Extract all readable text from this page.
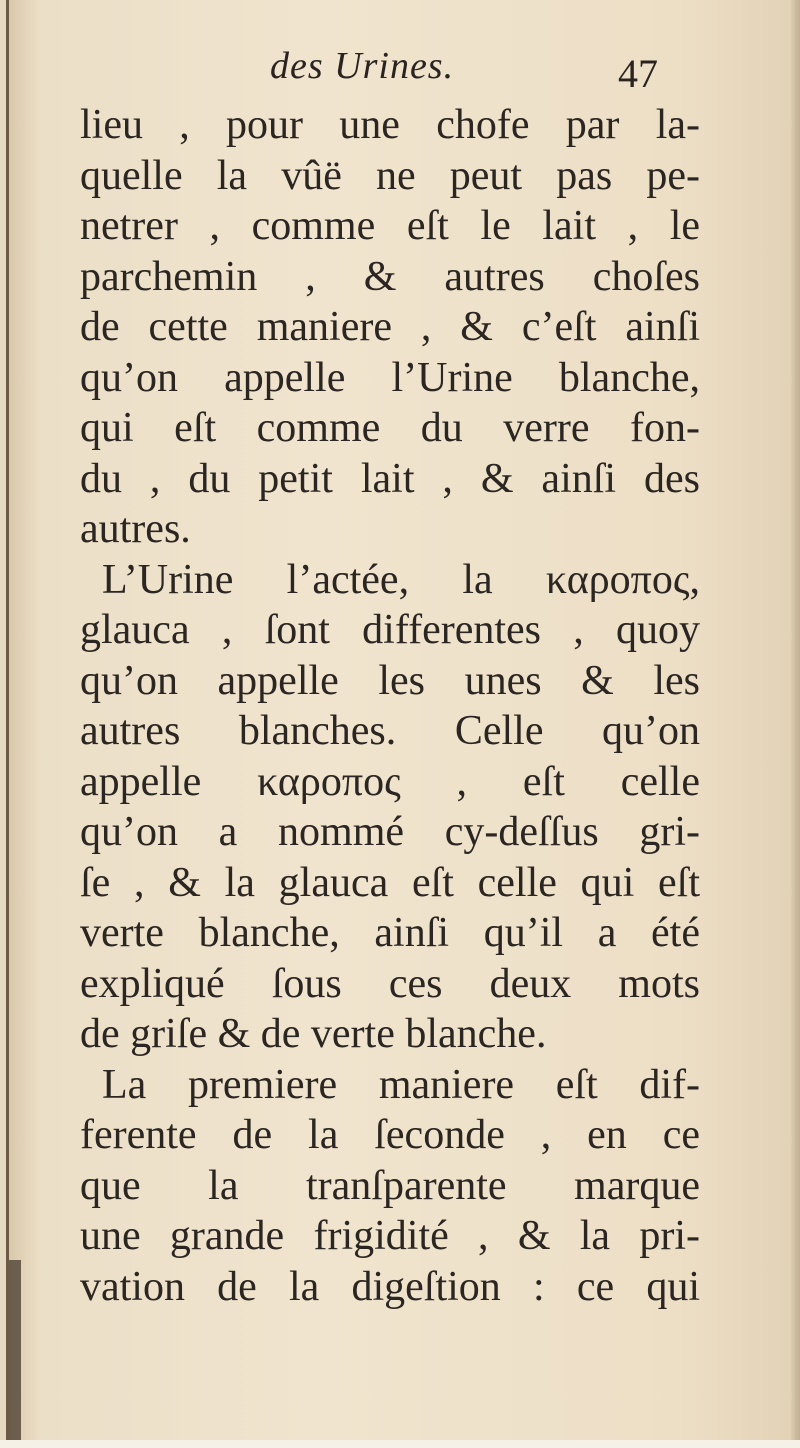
des Urines.	47
lieu , pour une chofe par la-
quelle la vûë ne peut pas pe-
netrer , comme eſt le lait , le
parchemin , & autres choſes
de cette maniere , & c’eſt ainſi
qu’on appelle l’Urine blanche,
qui eſt comme du verre fon-
du , du petit lait , & ainſi des
autres.
L’Urine l’actée, la καροπος,
glauca , ſont differentes , quoy
qu’on appelle les unes & les
autres blanches. Celle qu’on
appelle καροπος , eſt celle
qu’on a nommé cy-deſſus gri-
ſe , & la glauca eſt celle qui eſt
verte blanche, ainſi qu’il a été
expliqué ſous ces deux mots
de griſe & de verte blanche.
La premiere maniere eſt dif-
ferente de la ſeconde , en ce
que la tranſparente marque
une grande frigidité , & la pri-
vation de la digeſtion : ce qui
